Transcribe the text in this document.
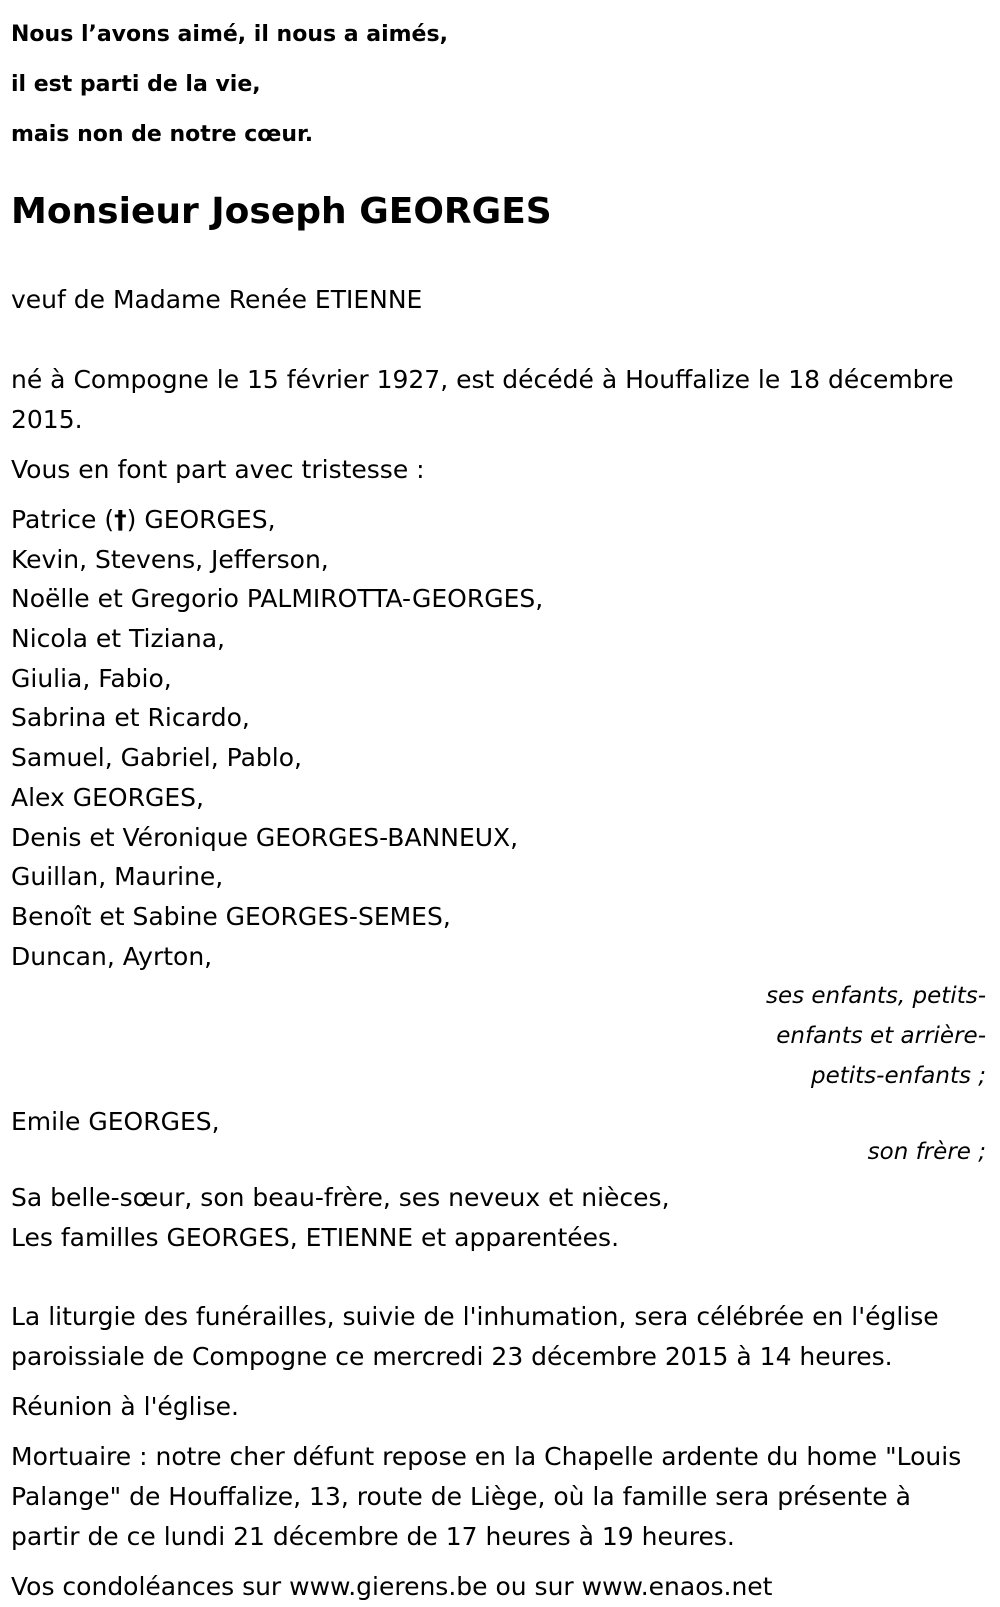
Nous l’avons aimé, il nous a aimés,
il est parti de la vie,
mais non de notre cœur.
Monsieur Joseph GEORGES

veuf de Madame Renée ETIENNE

né à Compogne le 15 février 1927, est décédé à Houffalize le 18 décembre 2015.

Vous en font part avec tristesse :

Patrice (†) GEORGES,
Kevin, Stevens, Jefferson,
Noëlle et Gregorio PALMIROTTA-GEORGES,
Nicola et Tiziana,
Giulia, Fabio,
Sabrina et Ricardo,
Samuel, Gabriel, Pablo,
Alex GEORGES,
Denis et Véronique GEORGES-BANNEUX,
Guillan, Maurine,
Benoît et Sabine GEORGES-SEMES,
Duncan, Ayrton,
ses enfants, petits-
enfants et arrière-
petits-enfants ;
Emile GEORGES,
son frère ;
Sa belle-sœur, son beau-frère, ses neveux et nièces,
Les familles GEORGES, ETIENNE et apparentées.

La liturgie des funérailles, suivie de l'inhumation, sera célébrée en l'église paroissiale de Compogne ce mercredi 23 décembre 2015 à 14 heures.

Réunion à l'église.

Mortuaire : notre cher défunt repose en la Chapelle ardente du home "Louis Palange" de Houffalize, 13, route de Liège, où la famille sera présente à partir de ce lundi 21 décembre de 17 heures à 19 heures.

Vos condoléances sur www.gierens.be ou sur www.enaos.net
